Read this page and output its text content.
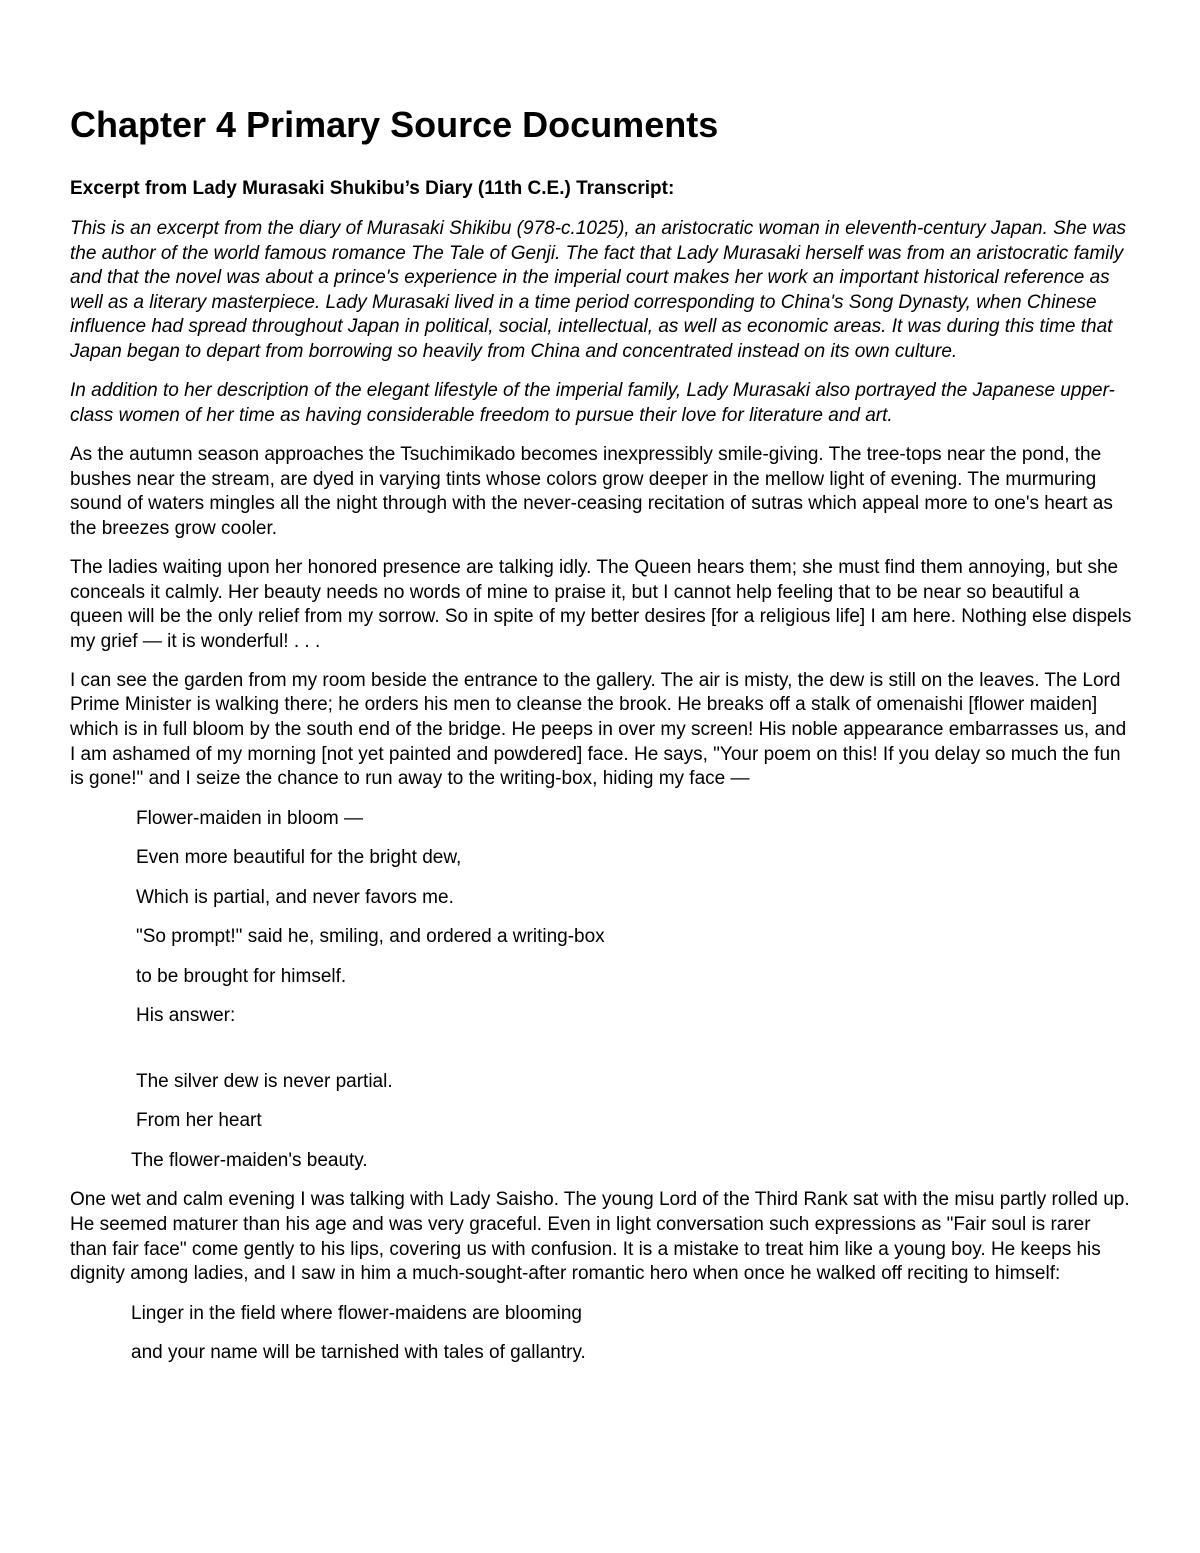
Chapter 4 Primary Source Documents
Excerpt from Lady Murasaki Shukibu’s Diary (11th C.E.) Transcript:

This is an excerpt from the diary of Murasaki Shikibu (978-c.1025), an aristocratic woman in eleventh-century Japan. She was the author of the world famous romance The Tale of Genji. The fact that Lady Murasaki herself was from an aristocratic family and that the novel was about a prince's experience in the imperial court makes her work an important historical reference as well as a literary masterpiece. Lady Murasaki lived in a time period corresponding to China's Song Dynasty, when Chinese influence had spread throughout Japan in political, social, intellectual, as well as economic areas. It was during this time that Japan began to depart from borrowing so heavily from China and concentrated instead on its own culture.

In addition to her description of the elegant lifestyle of the imperial family, Lady Murasaki also portrayed the Japanese upper-class women of her time as having considerable freedom to pursue their love for literature and art.

As the autumn season approaches the Tsuchimikado becomes inexpressibly smile-giving. The tree-tops near the pond, the bushes near the stream, are dyed in varying tints whose colors grow deeper in the mellow light of evening. The murmuring sound of waters mingles all the night through with the never-ceasing recitation of sutras which appeal more to one's heart as the breezes grow cooler.

The ladies waiting upon her honored presence are talking idly. The Queen hears them; she must find them annoying, but she conceals it calmly. Her beauty needs no words of mine to praise it, but I cannot help feeling that to be near so beautiful a queen will be the only relief from my sorrow. So in spite of my better desires [for a religious life] I am here. Nothing else dispels my grief — it is wonderful! . . .

I can see the garden from my room beside the entrance to the gallery. The air is misty, the dew is still on the leaves. The Lord Prime Minister is walking there; he orders his men to cleanse the brook. He breaks off a stalk of omenaishi [flower maiden] which is in full bloom by the south end of the bridge. He peeps in over my screen! His noble appearance embarrasses us, and I am ashamed of my morning [not yet painted and powdered] face. He says, "Your poem on this! If you delay so much the fun is gone!" and I seize the chance to run away to the writing-box, hiding my face —

Flower-maiden in bloom —
Even more beautiful for the bright dew,
Which is partial, and never favors me.
"So prompt!" said he, smiling, and ordered a writing-box
to be brought for himself.
His answer:
The silver dew is never partial.
From her heart
The flower-maiden's beauty.

One wet and calm evening I was talking with Lady Saisho. The young Lord of the Third Rank sat with the misu partly rolled up. He seemed maturer than his age and was very graceful. Even in light conversation such expressions as "Fair soul is rarer than fair face" come gently to his lips, covering us with confusion. It is a mistake to treat him like a young boy. He keeps his dignity among ladies, and I saw in him a much-sought-after romantic hero when once he walked off reciting to himself:

Linger in the field where flower-maidens are blooming
and your name will be tarnished with tales of gallantry.
